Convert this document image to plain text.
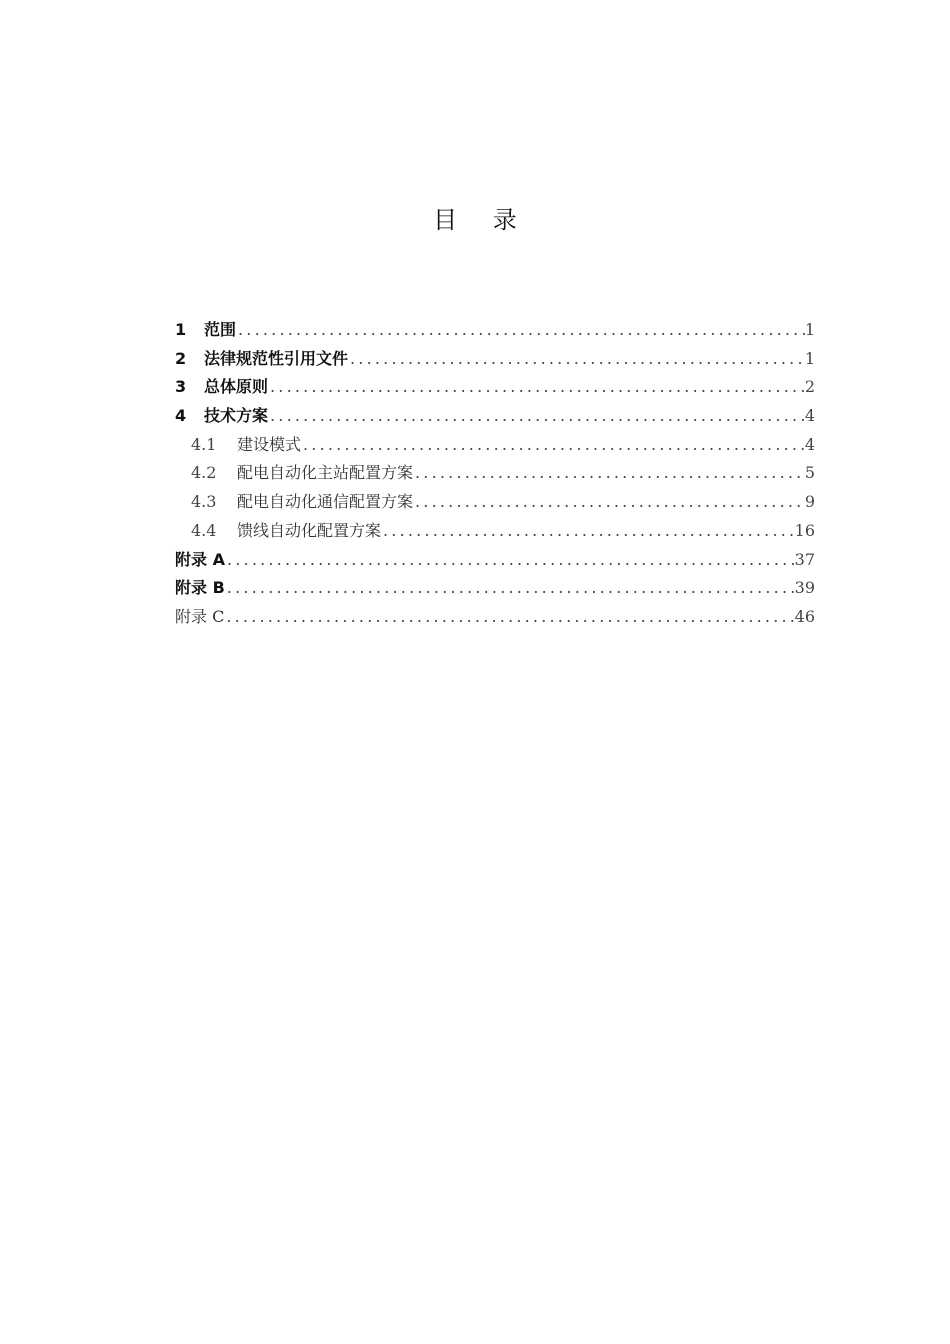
目 录
1	范围 .....	1
2	法律规范性引用文件 .....	1
3	总体原则 .....	2
4	技术方案 .....	4
4.1	建设模式 .....	4
4.2	配电自动化主站配置方案 .....	5
4.3	配电自动化通信配置方案 .....	9
4.4	馈线自动化配置方案 .....	16
附录 A .....	37
附录 B .....	39
附录 C .....	46
